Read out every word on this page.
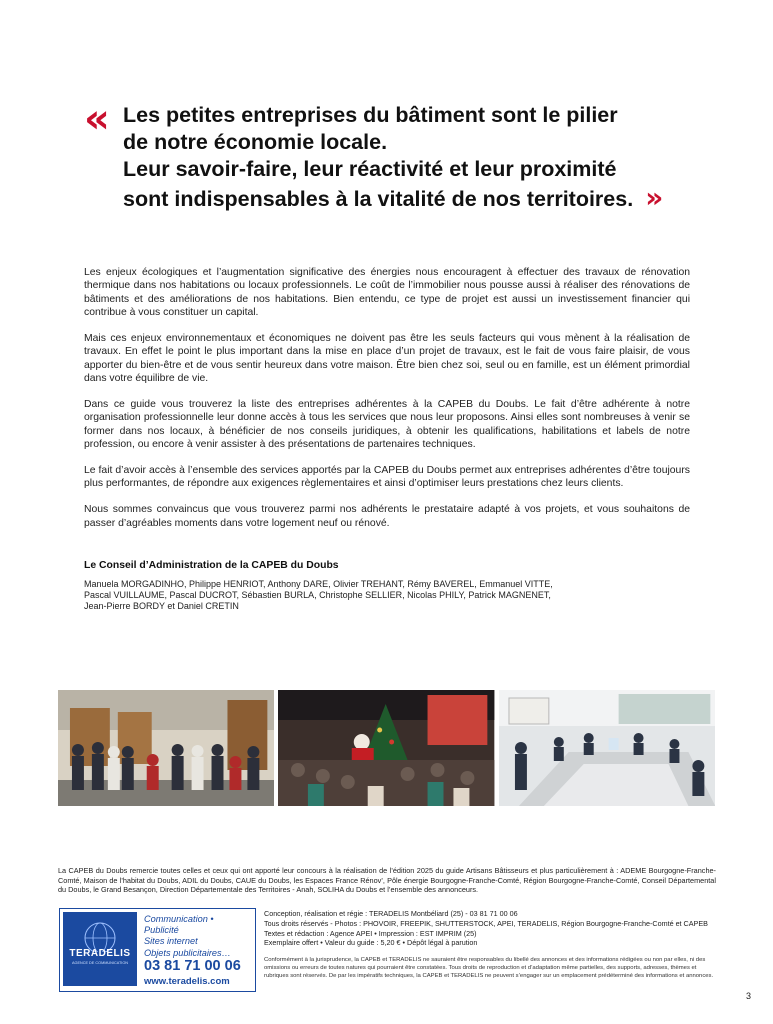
« Les petites entreprises du bâtiment sont le pilier
de notre économie locale.
Leur savoir-faire, leur réactivité et leur proximité
sont indispensables à la vitalité de nos territoires. »

Les enjeux écologiques et l’augmentation significative des énergies nous encouragent à effectuer des travaux de rénovation thermique dans nos habitations ou locaux professionnels. Le coût de l’immobilier nous pousse aussi à réaliser des rénovations de bâtiments et des améliorations de nos habitations. Bien entendu, ce type de projet est aussi un investissement financier qui contribue à vous constituer un capital.

Mais ces enjeux environnementaux et économiques ne doivent pas être les seuls facteurs qui vous mènent à la réalisation de travaux. En effet le point le plus important dans la mise en place d’un projet de travaux, est le fait de vous faire plaisir, de vous apporter du bien-être et de vous sentir heureux dans votre maison. Être bien chez soi, seul ou en famille, est un élément primordial dans votre équilibre de vie.

Dans ce guide vous trouverez la liste des entreprises adhérentes à la CAPEB du Doubs. Le fait d’être adhérente à notre organisation professionnelle leur donne accès à tous les services que nous leur proposons. Ainsi elles sont nombreuses à venir se former dans nos locaux, à bénéficier de nos conseils juridiques, à obtenir les qualifications, habilitations et labels de notre profession, ou encore à venir assister à des présentations de partenaires techniques.

Le fait d’avoir accès à l’ensemble des services apportés par la CAPEB du Doubs permet aux entreprises adhérentes d’être toujours plus performantes, de répondre aux exigences règlementaires et ainsi d’optimiser leurs prestations chez leurs clients.

Nous sommes convaincus que vous trouverez parmi nos adhérents le prestataire adapté à vos projets, et vous souhaitons de passer d’agréables moments dans votre logement neuf ou rénové.

Le Conseil d’Administration de la CAPEB du Doubs
Manuela MORGADINHO, Philippe HENRIOT, Anthony DARE, Olivier TREHANT, Rémy BAVEREL, Emmanuel VITTE, Pascal VUILLAUME, Pascal DUCROT, Sébastien BURLA, Christophe SELLIER, Nicolas PHILY, Patrick MAGNENET, Jean-Pierre BORDY et Daniel CRETIN
La CAPEB du Doubs remercie toutes celles et ceux qui ont apporté leur concours à la réalisation de l’édition 2025 du guide Artisans Bâtisseurs et plus particulièrement à : ADEME Bourgogne-Franche-Comté, Maison de l’habitat du Doubs, ADIL du Doubs, CAUE du Doubs, les Espaces France Rénov’, Pôle énergie Bourgogne-Franche-Comté, Région Bourgogne-Franche-Comté, Conseil Départemental du Doubs, le Grand Besançon, Direction Départementale des Territoires - Anah, SOLIHA du Doubs et l’ensemble des annonceurs.
TERADELIS
AGENCE DE COMMUNICATION
Communication • Publicité
Sites internet
Objets publicitaires…
03 81 71 00 06
www.teradelis.com
Conception, réalisation et régie : TERADELIS Montbéliard (25) - 03 81 71 00 06
Tous droits réservés - Photos : PHOVOIR, FREEPIK, SHUTTERSTOCK, APEI, TERADELIS, Région Bourgogne-Franche-Comté et CAPEB
Textes et rédaction : Agence APEI • Impression : EST IMPRIM (25)
Exemplaire offert • Valeur du guide : 5,20 € • Dépôt légal à parution
Conformément à la jurisprudence, la CAPEB et TERADELIS ne sauraient être responsables du libellé des annonces et des informations rédigées ou non par elles, ni des omissions ou erreurs de toutes natures qui pourraient être constatées. Tous droits de reproduction et d’adaptation même partielles, des supports, adresses, thèmes et rubriques sont réservés. De par les impératifs techniques, la CAPEB et TERADELIS ne peuvent s’engager sur un emplacement prédéterminé des informations et annonces.
3
